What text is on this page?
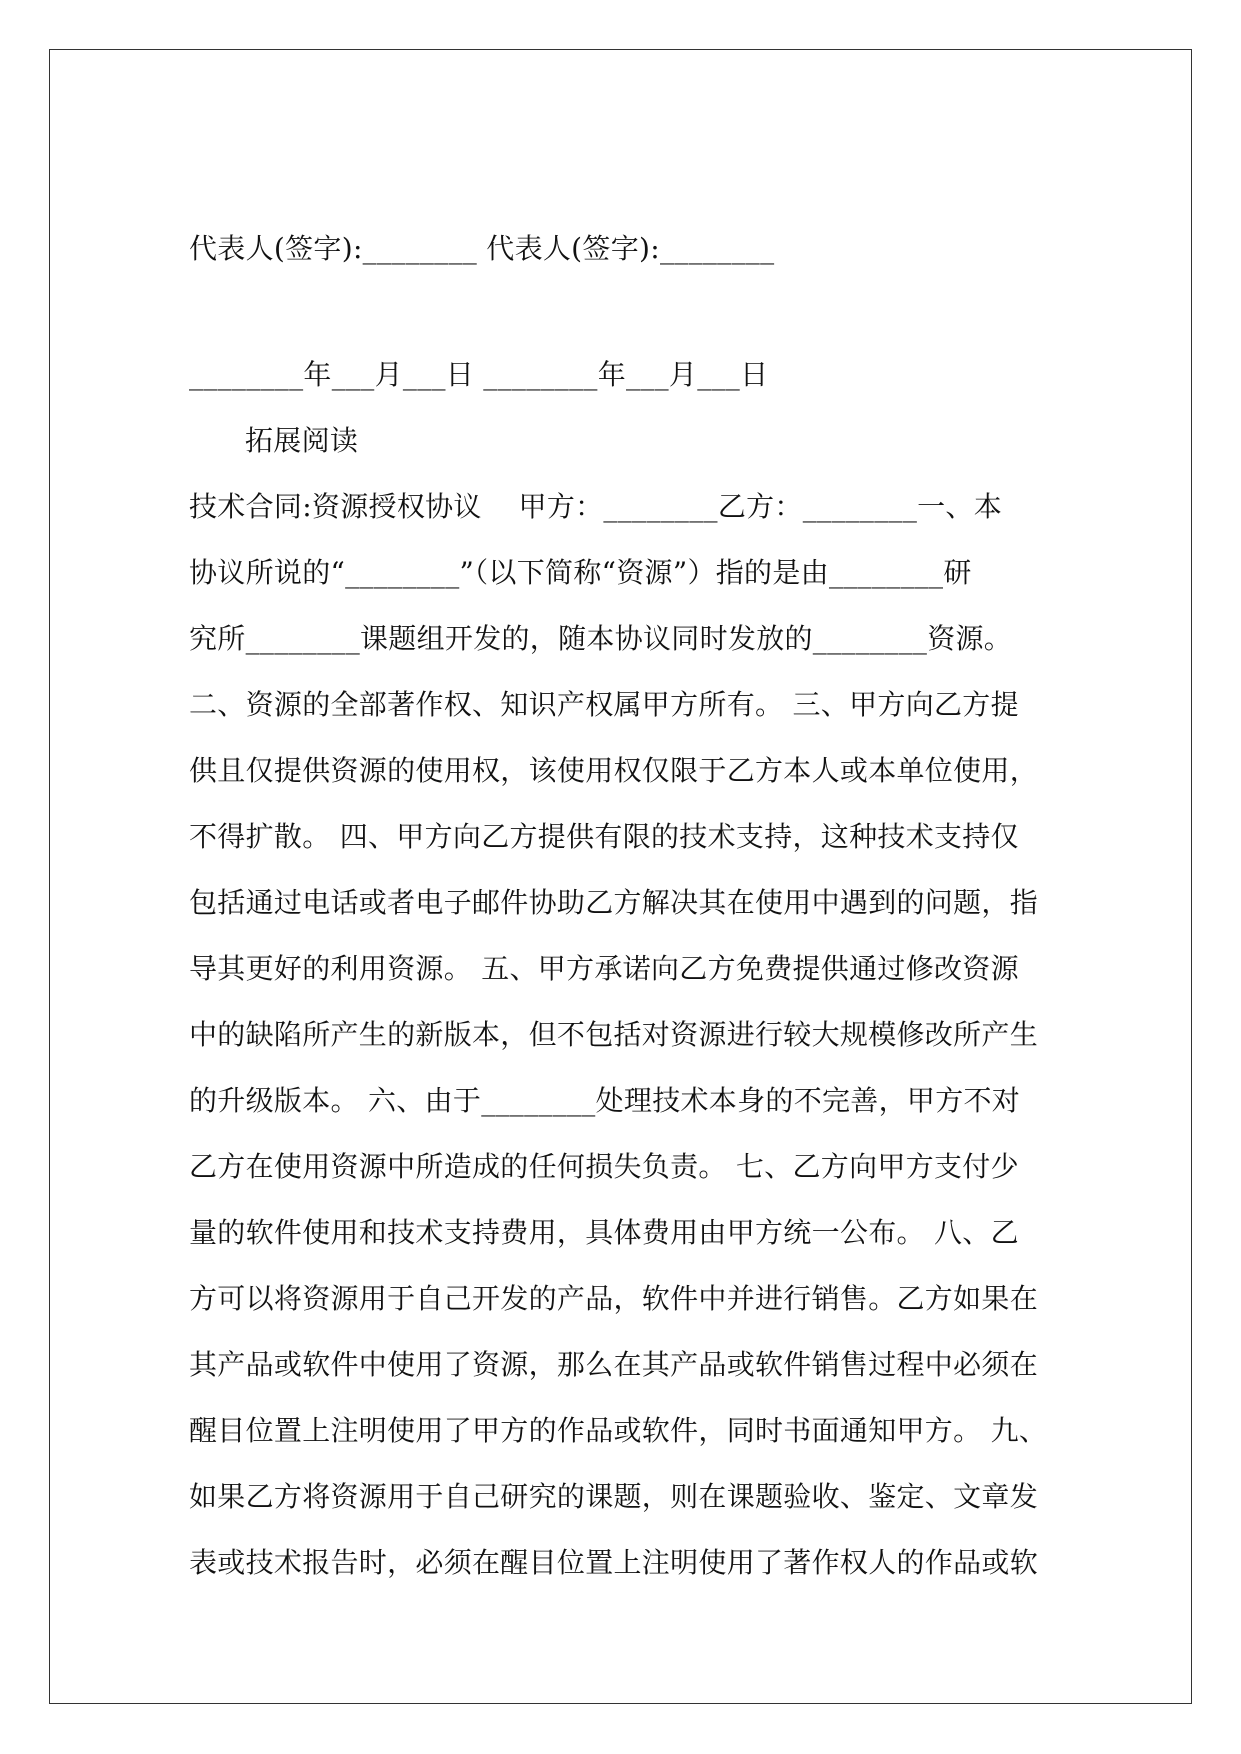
代表人(签字):________ 代表人(签字):________
________年___月___日 ________年___月___日
拓展阅读
技术合同:资源授权协议    甲方：________乙方：________一、本
协议所说的“________”（以下简称“资源”）指的是由________研
究所________课题组开发的，随本协议同时发放的________资源。
二、资源的全部著作权、知识产权属甲方所有。 三、甲方向乙方提
供且仅提供资源的使用权，该使用权仅限于乙方本人或本单位使用，
不得扩散。 四、甲方向乙方提供有限的技术支持，这种技术支持仅
包括通过电话或者电子邮件协助乙方解决其在使用中遇到的问题，指
导其更好的利用资源。 五、甲方承诺向乙方免费提供通过修改资源
中的缺陷所产生的新版本，但不包括对资源进行较大规模修改所产生
的升级版本。 六、由于________处理技术本身的不完善，甲方不对
乙方在使用资源中所造成的任何损失负责。 七、乙方向甲方支付少
量的软件使用和技术支持费用，具体费用由甲方统一公布。 八、乙
方可以将资源用于自己开发的产品，软件中并进行销售。乙方如果在
其产品或软件中使用了资源，那么在其产品或软件销售过程中必须在
醒目位置上注明使用了甲方的作品或软件，同时书面通知甲方。 九、
如果乙方将资源用于自己研究的课题，则在课题验收、鉴定、文章发
表或技术报告时，必须在醒目位置上注明使用了著作权人的作品或软
